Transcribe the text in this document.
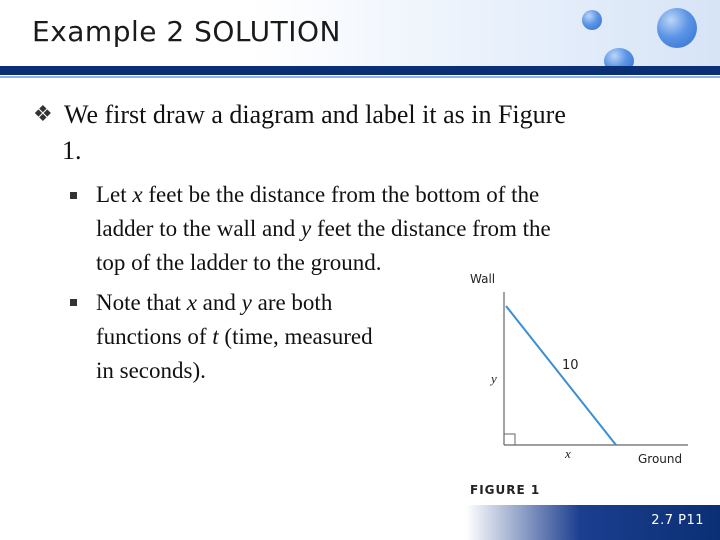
Example 2 SOLUTION
❖ We first draw a diagram and label it as in Figure
1.
Let x feet be the distance from the bottom of the
ladder to the wall and y feet the distance from the
top of the ladder to the ground.
Note that x and y are both
functions of t (time, measured
in seconds).
Wall
10
y
x	Ground
FIGURE 1
2.7 P11
